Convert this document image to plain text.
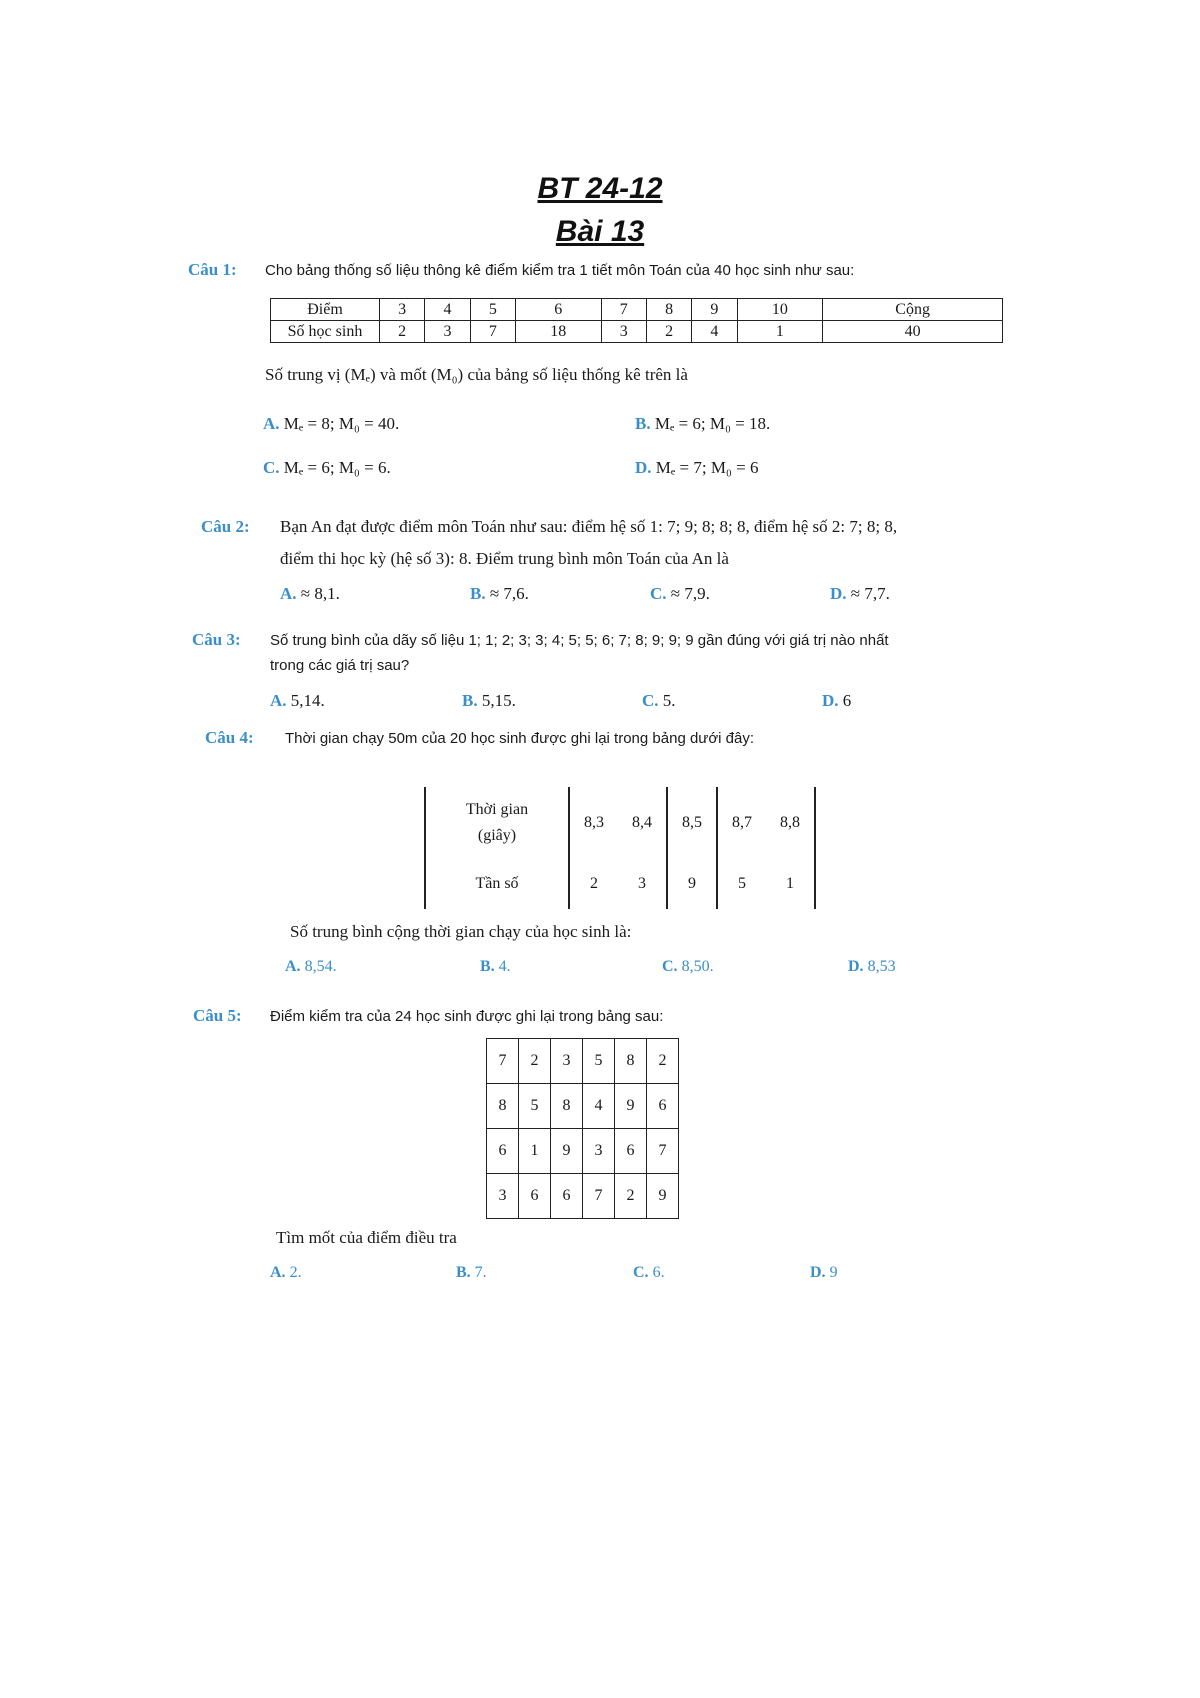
BT 24-12
Bài 13
Câu 1: Cho bảng thống số liệu thông kê điểm kiểm tra 1 tiết môn Toán của 40 học sinh như sau:
Điểm	3	4	5	6	7	8	9	10	Cộng
Số học sinh	2	3	7	18	3	2	4	1	40
Số trung vị (Mₑ) và mốt (M₀) của bảng số liệu thống kê trên là
A. Mₑ = 8; M₀ = 40.	B. Mₑ = 6; M₀ = 18.
C. Mₑ = 6; M₀ = 6.	D. Mₑ = 7; M₀ = 6
Câu 2: Bạn An đạt được điểm môn Toán như sau: điểm hệ số 1: 7; 9; 8; 8; 8, điểm hệ số 2: 7; 8; 8,
điểm thi học kỳ (hệ số 3): 8. Điểm trung bình môn Toán của An là
A. ≈ 8,1.	B. ≈ 7,6.	C. ≈ 7,9.	D. ≈ 7,7.
Câu 3: Số trung bình của dãy số liệu 1; 1; 2; 3; 3; 4; 5; 5; 6; 7; 8; 9; 9; 9 gần đúng với giá trị nào nhất
trong các giá trị sau?
A. 5,14.	B. 5,15.	C. 5.	D. 6
Câu 4: Thời gian chạy 50m của 20 học sinh được ghi lại trong bảng dưới đây:
Thời gian
(giây)	8,3	8,4	8,5	8,7	8,8
Tần số	2	3	9	5	1
Số trung bình cộng thời gian chạy của học sinh là:
A. 8,54.	B. 4.	C. 8,50.	D. 8,53
Câu 5: Điểm kiểm tra của 24 học sinh được ghi lại trong bảng sau:
7	2	3	5	8	2
8	5	8	4	9	6
6	1	9	3	6	7
3	6	6	7	2	9
Tìm mốt của điểm điều tra
A. 2.	B. 7.	C. 6.	D. 9
